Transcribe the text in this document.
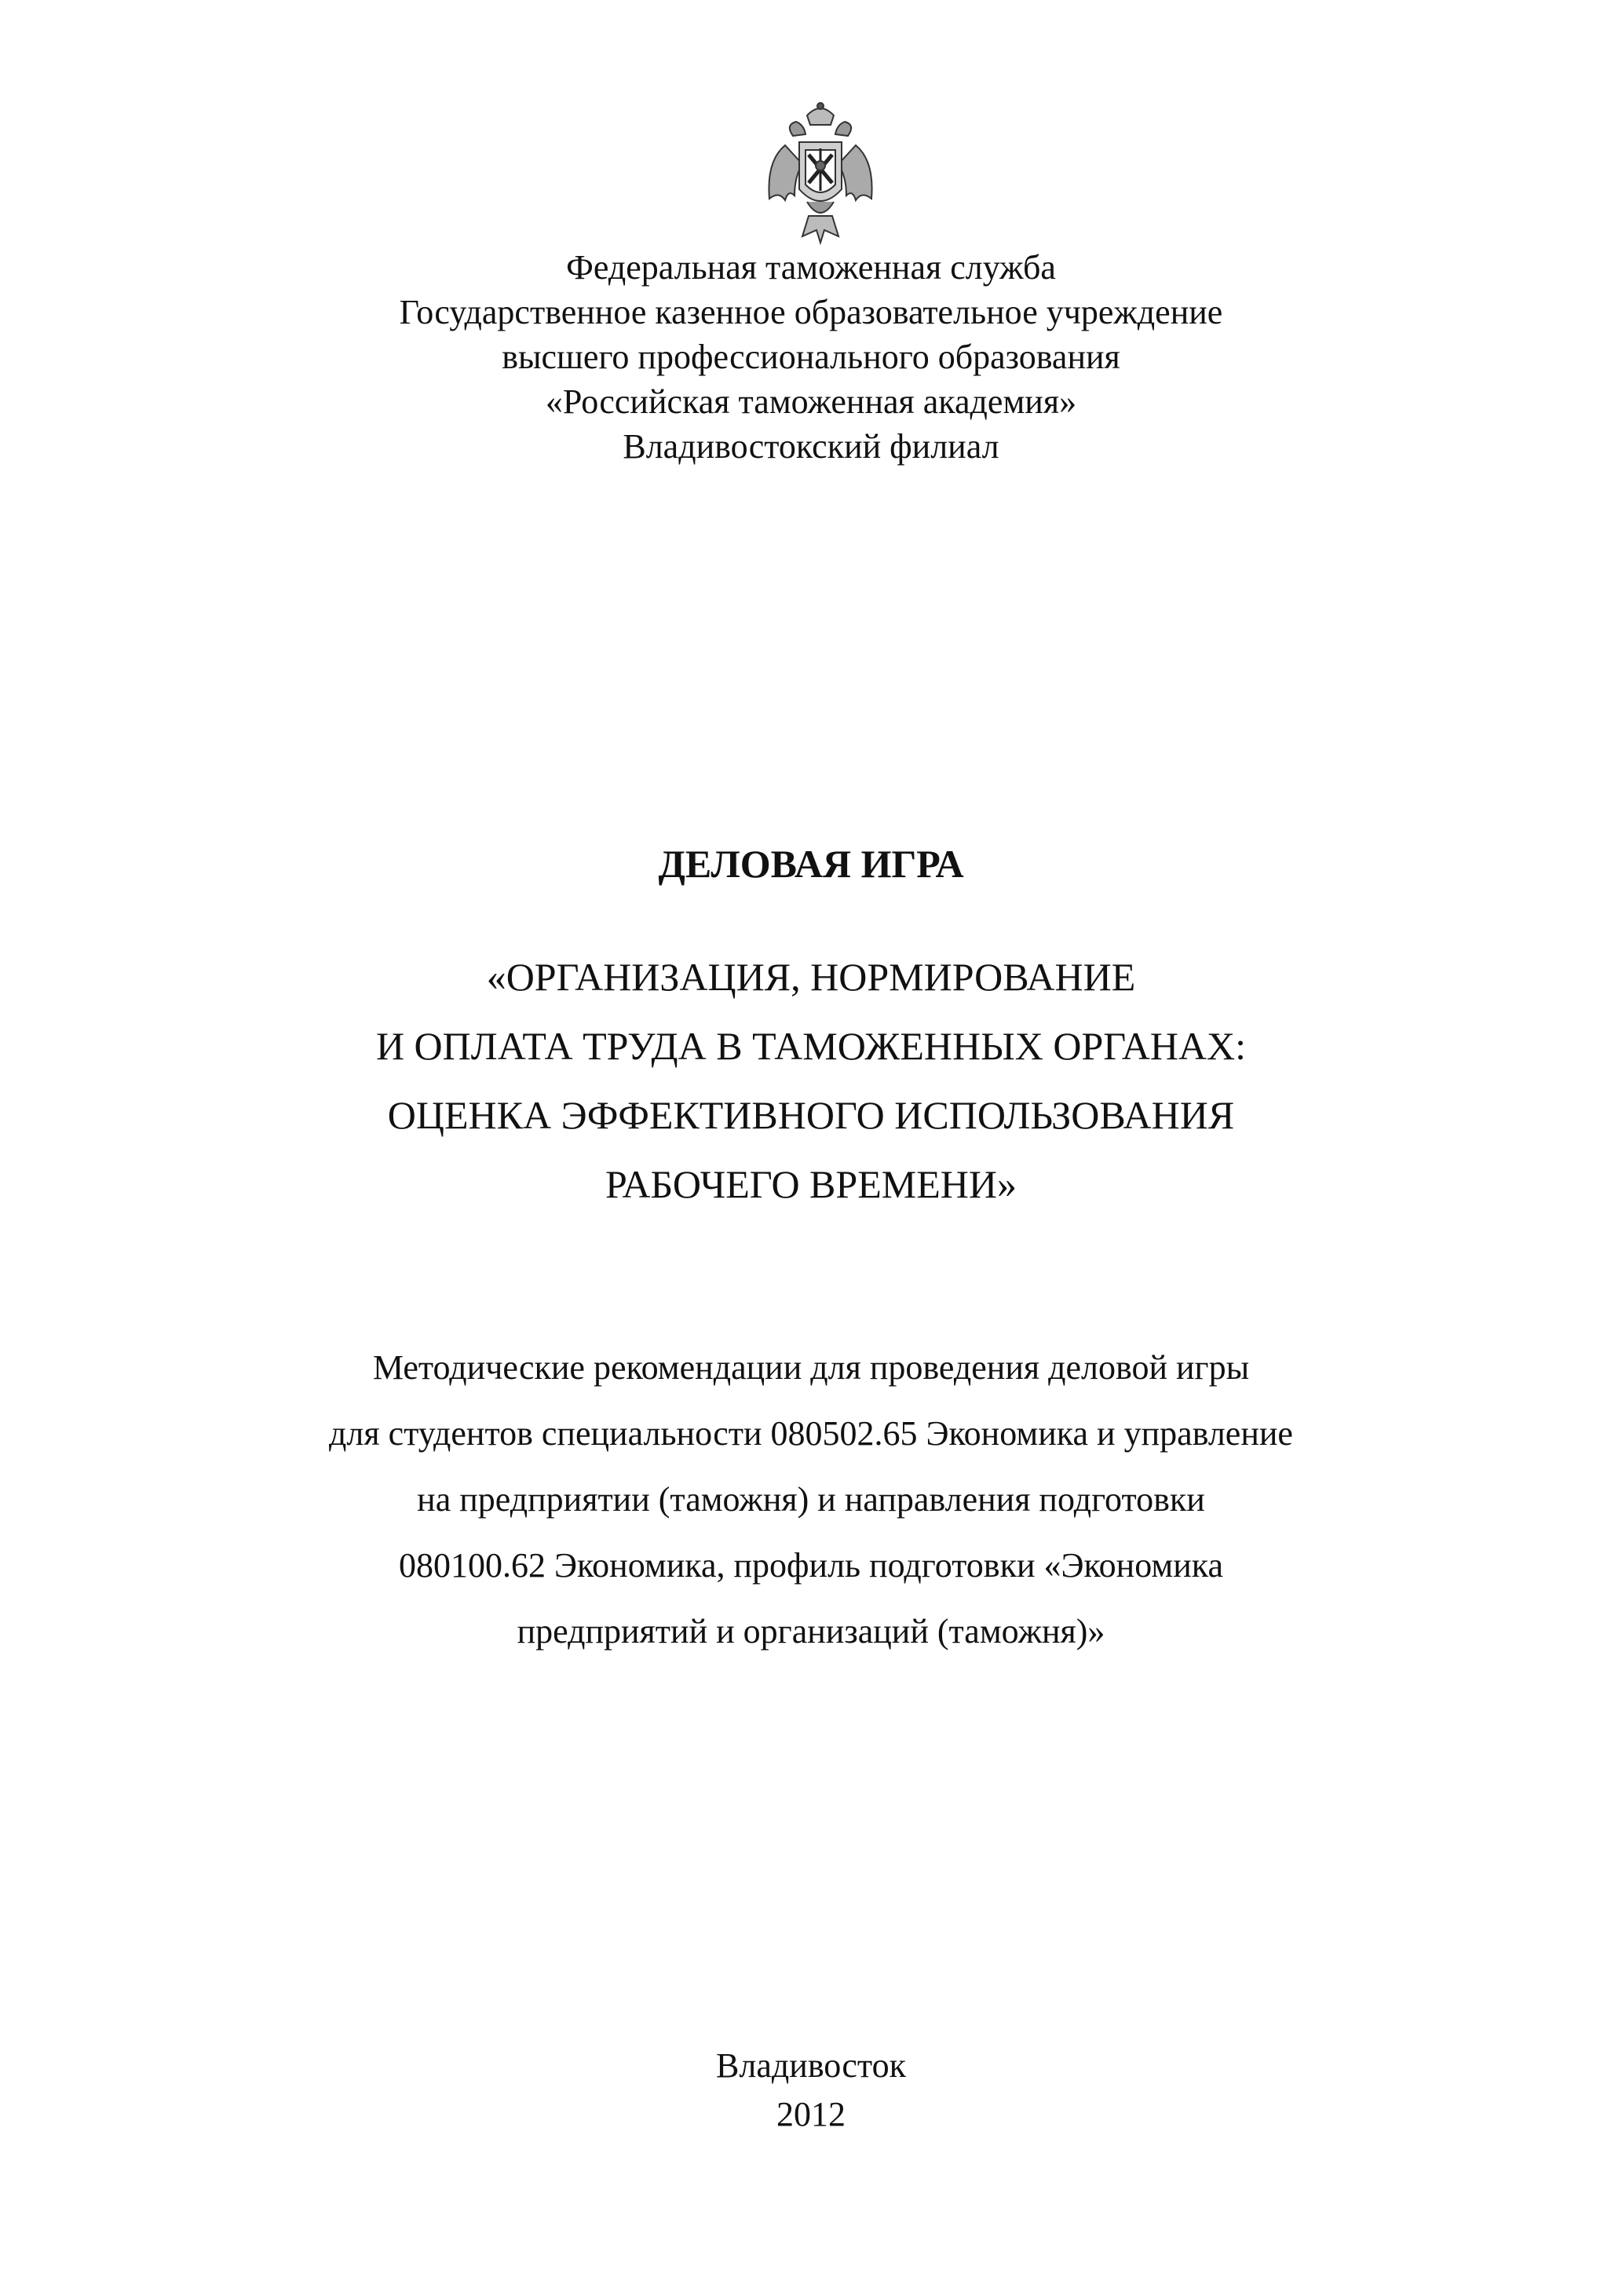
Федеральная таможенная служба
Государственное казенное образовательное учреждение
высшего профессионального образования
«Российская таможенная академия»
Владивостокский филиал
ДЕЛОВАЯ ИГРА
«ОРГАНИЗАЦИЯ, НОРМИРОВАНИЕ
И ОПЛАТА ТРУДА В ТАМОЖЕННЫХ ОРГАНАХ:
ОЦЕНКА ЭФФЕКТИВНОГО ИСПОЛЬЗОВАНИЯ
РАБОЧЕГО ВРЕМЕНИ»
Методические рекомендации для проведения деловой игры
для студентов специальности 080502.65 Экономика и управление
на предприятии (таможня) и направления подготовки
080100.62 Экономика, профиль подготовки «Экономика
предприятий и организаций (таможня)»
Владивосток
2012
